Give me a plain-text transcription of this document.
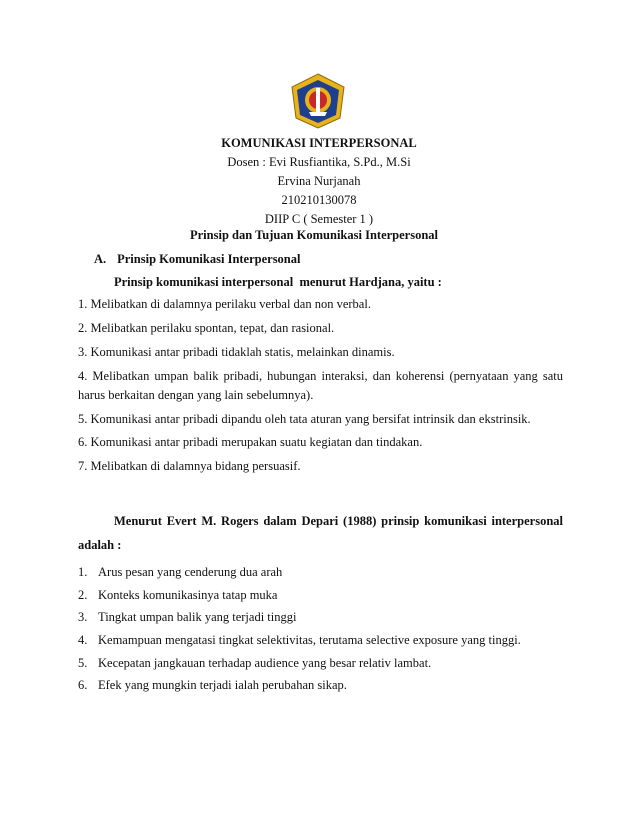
KOMUNIKASI INTERPERSONAL
Dosen : Evi Rusfiantika, S.Pd., M.Si
Ervina Nurjanah
210210130078
DIIP C ( Semester 1 )
Prinsip dan Tujuan Komunikasi Interpersonal
A. Prinsip Komunikasi Interpersonal
Prinsip komunikasi interpersonal  menurut Hardjana, yaitu :
1. Melibatkan di dalamnya perilaku verbal dan non verbal.
2. Melibatkan perilaku spontan, tepat, dan rasional.
3. Komunikasi antar pribadi tidaklah statis, melainkan dinamis.
4. Melibatkan umpan balik pribadi, hubungan interaksi, dan koherensi (pernyataan yang satu
harus berkaitan dengan yang lain sebelumnya).
5. Komunikasi antar pribadi dipandu oleh tata aturan yang bersifat intrinsik dan ekstrinsik.
6. Komunikasi antar pribadi merupakan suatu kegiatan dan tindakan.
7. Melibatkan di dalamnya bidang persuasif.
Menurut Evert M. Rogers dalam Depari (1988) prinsip komunikasi interpersonal
adalah :
1. Arus pesan yang cenderung dua arah
2. Konteks komunikasinya tatap muka
3. Tingkat umpan balik yang terjadi tinggi
4. Kemampuan mengatasi tingkat selektivitas, terutama selective exposure yang tinggi.
5. Kecepatan jangkauan terhadap audience yang besar relativ lambat.
6. Efek yang mungkin terjadi ialah perubahan sikap.
